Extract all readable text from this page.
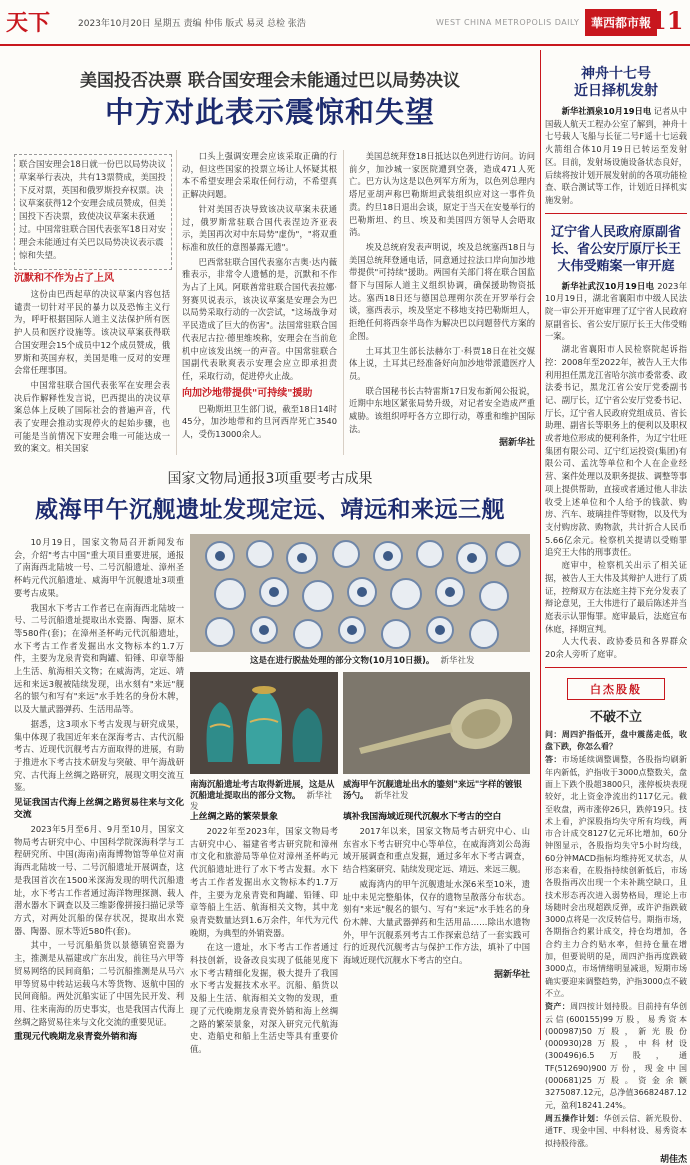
天下	2023年10月20日 星期五 责编 仲伟 版式 易灵 总检 张浩	WEST CHINA METROPOLIS DAILY 華西都市報
11
美国投否决票 联合国安理会未能通过巴以局势决议
中方对此表示震惊和失望
联合国安理会18日就一份巴以局势决议草案举行表决，共有13票赞成，美国投下反对票，英国和俄罗斯投弃权票。决议草案获得12个安理会成员赞成，但美国投下否决票，致使决议草案未获通过。中国常驻联合国代表张军18日对安理会未能通过有关巴以局势决议表示震惊和失望。
沉默和不作为占了上风

这份由巴西起草的决议草案内容包括谴责一切针对平民的暴力以及恐怖主义行为，呼吁根据国际人道主义法保护所有医护人员和医疗设施等。该决议草案获得联合国安理会15个成员中12个成员赞成，俄罗斯和英国弃权，美国是唯一反对的安理会常任理事国。

中国常驻联合国代表张军在安理会表决后作解释性发言说，巴西提出的决议草案总体上反映了国际社会的普遍声音，代表了安理会推动实现停火的起始步骤，也可能是当前情况下安理会唯一可能达成一致的案文。相关国家

口头上强调安理会应该采取正确的行动，但这些国家的投票立场让人怀疑其根本不希望安理会采取任何行动，不希望真正解决问题。

针对美国否决导致该决议草案未获通过，俄罗斯常驻联合国代表涅边齐亚表示，美国再次对中东局势"虚伪"，"将双重标准和放任的意图暴露无遗"。

巴西常驻联合国代表塞尔吉奥·达内薇雅表示，非常令人遗憾的是，沉默和不作为占了上风。阿联酋常驻联合国代表拉娜·努赛贝说表示，该决议草案是安理会为巴以局势采取行动的一次尝试，"这场战争对平民造成了巨大的伤害"。法国常驻联合国代表尼古拉·德里维埃称，安理会在当前危机中应该发出统一的声音。中国常驻联合国副代表耿爽表示安理会应立即承担责任，采取行动，促进停火止战。

向加沙地带提供"可持续"援助

巴勒斯坦卫生部门说，截至18日14时45分，加沙地带和约旦河西岸死亡3540人，受伤13000余人。

美国总统拜登18日抵达以色列进行访问。访问前夕，加沙城一家医院遭到空袭，造成471人死亡。巴方认为这是以色列军方所为，以色列总理内塔尼亚胡声称巴勒斯坦武装组织应对这一事件负责。约旦18日退出会谈，原定于当天在安曼举行的巴勒斯坦、约旦、埃及和美国四方领导人会晤取消。

埃及总统府发表声明说，埃及总统塞西18日与美国总统拜登通电话，同意通过拉法口岸向加沙地带提供"可持续"援助。两国有关部门将在联合国监督下与国际人道主义组织协调，确保援助物资抵达。塞西18日还与德国总理朔尔茨在开罗举行会谈，塞西表示，埃及坚定不移地支持巴勒斯坦人，拒绝任何将西奈半岛作为解决巴以问题替代方案的企图。

土耳其卫生部长法赫尔丁·科贾18日在社交媒体上说，土耳其已经准备好向加沙地带派遣医疗人员。

联合国秘书长古特雷斯17日发布新闻公报说，近期中东地区紧张局势升级，对记者安全造成严重威胁。该组织呼吁各方立即行动，尊重和维护国际法。

据新华社
国家文物局通报3项重要考古成果
威海甲午沉舰遗址发现定远、靖远和来远三舰

10月19日，国家文物局召开新闻发布会，介绍"考古中国"重大项目重要进展，通报了南海西北陆坡一号、二号沉船遗址、漳州圣杯屿元代沉船遗址、威海甲午沉舰遗址3项重要考古成果。

我国水下考古工作者已在南海西北陆坡一号、二号沉船遗址提取出水瓷器、陶器、原木等580件(套)；在漳州圣杯屿元代沉船遗址，水下考古工作者发掘出水文物标本约1.7万件，主要为龙泉青瓷和陶罐、铅锤、印章等船上生活、航海相关文物；在威海湾，定远、靖远和来远3舰被陆续发现，出水刻有"来远"舰名的银勺和写有"来远"水手姓名的身份木牌，以及大量武器弹药、生活用品等。

据悉，这3项水下考古发现与研究成果，集中体现了我国近年来在深海考古、古代沉船考古、近现代沉舰考古方面取得的进展，有助于推进水下考古技术研发与突破、甲午海战研究、古代海上丝绸之路研究，展现文明交流互鉴。

见证我国古代海上丝绸之路贸易往来与文化交流

2023年5月至6月、9月至10月，国家文物局考古研究中心、中国科学院深海科学与工程研究所、中国(海南)南海博物馆等单位对南海西北陆坡一号、二号沉船遗址开展调查，这是我国首次在1500米深海发现的明代沉船遗址，水下考古工作者通过海洋物理探测、载人潜水器水下调查以及三维影像拼接扫描记录等方式，对两处沉船的保存状况，提取出水瓷器、陶器、原木等近580件(套)。

其中，一号沉船船货以景德镇窑瓷器为主，推测是从福建或广东出发，前往马六甲等贸易网络的民间商船；二号沉船推测是从马六甲等贸易中转站运载乌木等货物、返航中国的民间商船。两处沉船实证了中国先民开发、利用、往来南海的历史事实，也是我国古代海上丝绸之路贸易往来与文化交流的重要见证。

重现元代晚期龙泉青瓷外销和海
这是在进行脱盐处理的部分文物(10月10日摄)。 新华社发
南海沉船遗址考古取得新进展，这是从沉船遗址提取出的部分文物。 新华社发
威海甲午沉舰遗址出水的鎏刻"来远"字样的镀银汤勺。 新华社发
上丝绸之路的繁荣景象

2022年至2023年，国家文物局考古研究中心、福建省考古研究院和漳州市文化和旅游局等单位对漳州圣杯屿元代沉船遗址进行了水下考古发掘。水下考古工作者发掘出水文物标本约1.7万件，主要为龙泉青瓷和陶罐、铅锤、印章等船上生活、航海相关文物，其中龙泉青瓷数量达到1.6万余件，年代为元代晚期，为典型的外销瓷器。

在这一遗址，水下考古工作者通过科技创新，设备改良实现了低能见度下水下考古精细化发掘，极大提升了我国水下考古发掘技术水平。沉船、船货以及船上生活、航海相关文物的发现，重现了元代晚期龙泉青瓷外销和海上丝绸之路的繁荣景象，对深入研究元代航海史、造船史和船上生活史等具有重要价值。

填补我国海域近现代沉舰水下考古的空白

2017年以来，国家文物局考古研究中心、山东省水下考古研究中心等单位，在威海湾刘公岛海域开展调查和重点发掘，通过多年水下考古调查，结合档案研究、陆续发现定远、靖远、来远三舰。

威海湾内的甲午沉舰遗址水深6米至10米，遗址中未见完整船体，仅存的遗物呈散落分布状态。刻有"来远"舰名的银勺、写有"来远"水手姓名的身份木牌、大量武器弹药和生活用品……除出水遗物外，甲午沉舰系列考古工作探索总结了一套实践可行的近现代沉舰考古与保护工作方法，填补了中国海域近现代沉舰水下考古的空白。

据新华社
神舟十七号
近日择机发射

新华社酒泉10月19日电 记者从中国载人航天工程办公室了解到，神舟十七号载人飞船与长征二号F遥十七运载火箭组合体10月19日已转运至发射区。目前，发射场设施设备状态良好，后续将按计划开展发射前的各项功能检查、联合测试等工作，计划近日择机实施发射。

辽宁省人民政府原副省长、省公安厅原厅长王大伟受贿案一审开庭

新华社武汉10月19日电 2023年10月19日，湖北省襄阳市中级人民法院一审公开开庭审理了辽宁省人民政府原副省长、省公安厅原厅长王大伟受贿一案。

湖北省襄阳市人民检察院起诉指控：2008年至2022年，被告人王大伟利用担任黑龙江省哈尔滨市委常委、政法委书记，黑龙江省公安厅党委副书记、副厅长，辽宁省公安厅党委书记、厅长，辽宁省人民政府党组成员、省长助理、副省长等职务上的便利以及职权或者地位形成的便利条件，为辽宁壮旺集团有限公司、辽宁红运投资(集团)有限公司、孟沈等单位和个人在企业经营、案件处理以及职务提拔、调整等事项上提供帮助，直接或者通过他人非法收受上述单位和个人给予的钱款、购房、汽车、玻璃挂件等财物，以及代为支付购房款、购物款，共计折合人民币5.66亿余元。检察机关提请以受贿罪追究王大伟的刑事责任。

庭审中，检察机关出示了相关证据，被告人王大伟及其辩护人进行了质证，控辩双方在法庭主持下充分发表了辩论意见，王大伟进行了最后陈述并当庭表示认罪悔罪。庭审最后，法庭宣布休庭，择期宣判。

人大代表、政协委员和各界群众20余人旁听了庭审。

白杰股般
不破不立

问：周四沪指低开，盘中震荡走低，收盘下跌，你怎么看？

答：市场延续调整调整，各股指均刷新年内新低，沪指收于3000点整数关，盘面上下跌个股超3800只，涨停板块表现较好，北上资金净流出约117亿元。截至收盘，两市涨停26只，跌停19只。技术上看，沪深股指均失守所有均线，两市合计成交8127亿元环比增加，60分钟图显示，各股指均失守5小时均线，60分钟MACD指标均维持死叉状态，从形态来看，在股指持续创新低后，市场各股指再次出现一个未补跳空缺口，且技术形态再次进入弱势格局，理论上市场随时会出现超跌反弹，或许沪指跌破3000点将是一次反转信号。期指市场，各期指合约累计成交，持仓均增加，各合约主力合约贴水率，但持仓量在增加，但要说明的是，周四沪指再度跌破3000点，市场情绪明显减退，短期市场确实要迎来调整趋势，沪指3000点不破不立。

资产：周四按计划持股。目前持有华创云信(600155)99万股，易秀资本(000987)50万股，新光股份(000930)28万股，中科材设(300496)6.5万股，通TF(512690)900万份，现金中国(000681)25万股。资金余额3275087.12元，总净值36682487.12元，盈利18241.24%。

周五操作计划：华创云信、新光股份、通TF、现金中国、中科材设、易秀资本拟持股待涨。

胡佳杰
